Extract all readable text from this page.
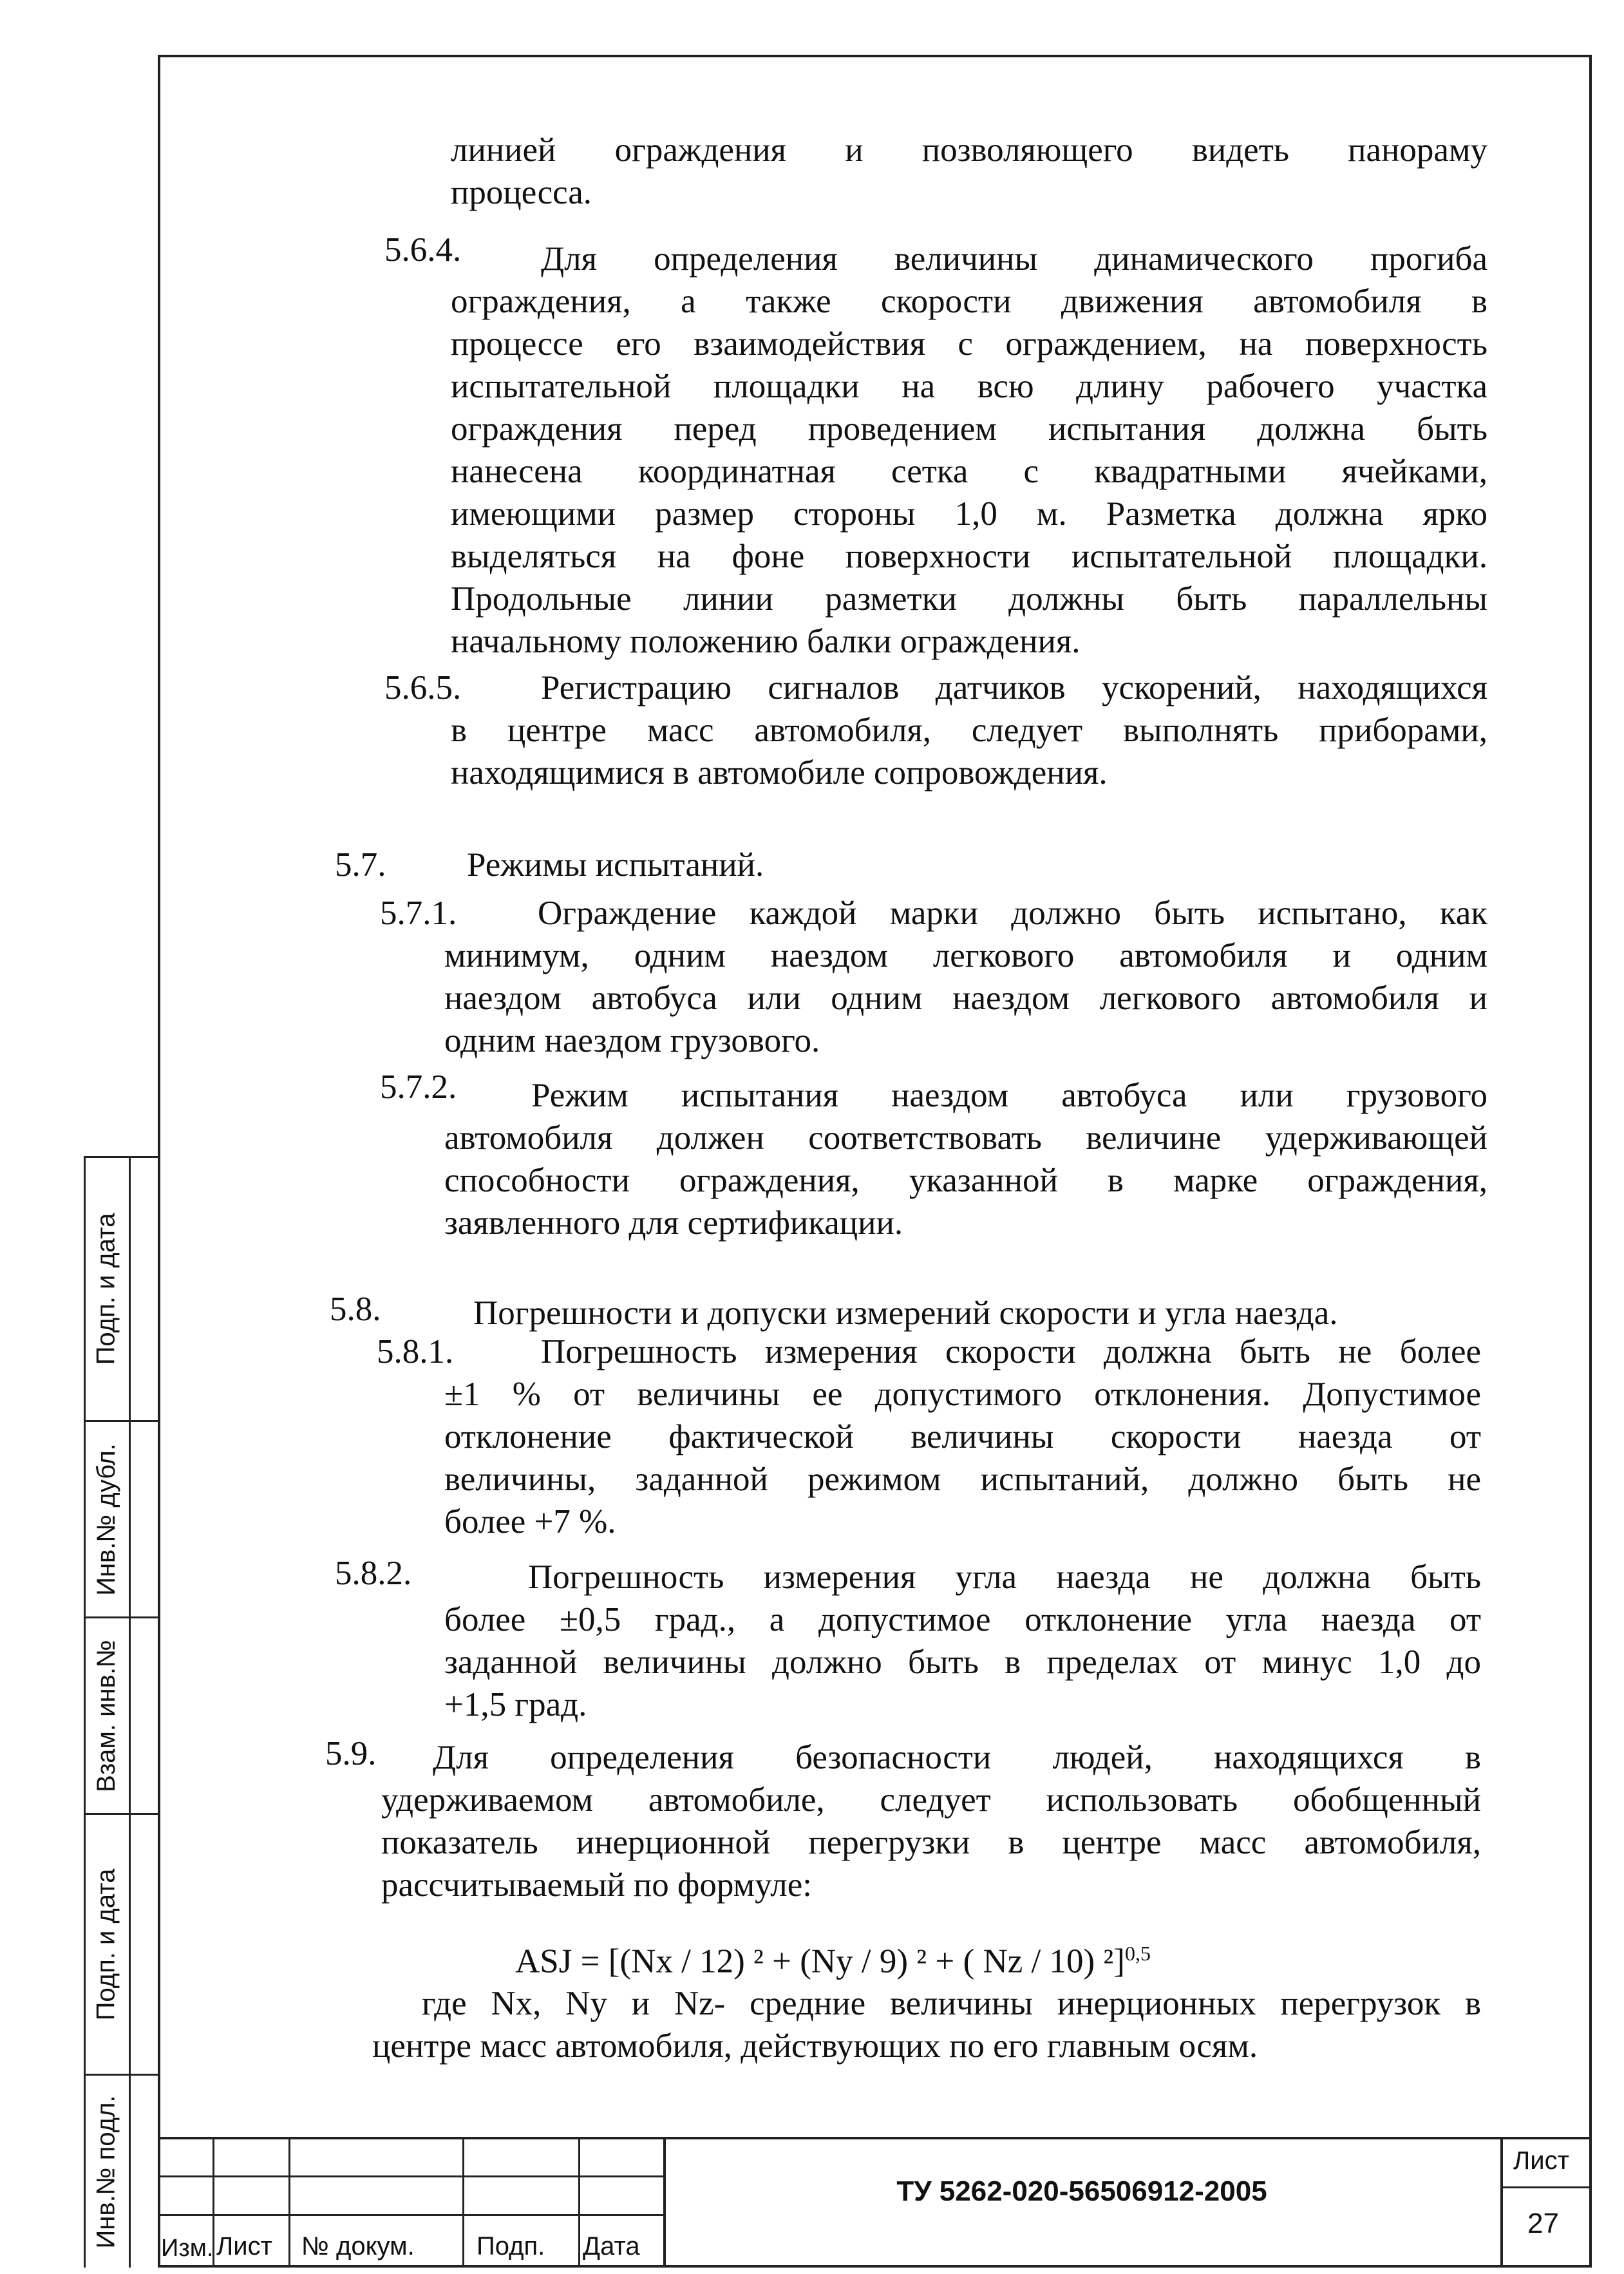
линией ограждения и позволяющего видеть панораму
процесса.
5.6.4. Для определения величины динамического прогиба
ограждения, а также скорости движения автомобиля в
процессе его взаимодействия с ограждением, на поверхность
испытательной площадки на всю длину рабочего участка
ограждения перед проведением испытания должна быть
нанесена координатная сетка с квадратными ячейками,
имеющими размер стороны 1,0 м. Разметка должна ярко
выделяться на фоне поверхности испытательной площадки.
Продольные линии разметки должны быть параллельны
начальному положению балки ограждения.
5.6.5. Регистрацию сигналов датчиков ускорений, находящихся
в центре масс автомобиля, следует выполнять приборами,
находящимися в автомобиле сопровождения.
5.7. Режимы испытаний.
5.7.1. Ограждение каждой марки должно быть испытано, как
минимум, одним наездом легкового автомобиля и одним
наездом автобуса или одним наездом легкового автомобиля и
одним наездом грузового.
5.7.2. Режим испытания наездом автобуса или грузового
автомобиля должен соответствовать величине удерживающей
способности ограждения, указанной в марке ограждения,
заявленного для сертификации.
5.8.	Погрешности и допуски измерений скорости и угла наезда.
5.8.1.	Погрешность измерения скорости должна быть не более
±1 % от величины ее допустимого отклонения. Допустимое
отклонение фактической величины скорости наезда от
величины, заданной режимом испытаний, должно быть не
более +7 %.
5.8.2.	Погрешность измерения угла наезда не должна быть
более ±0,5 град., а допустимое отклонение угла наезда от
заданной величины должно быть в пределах от минус 1,0 до
+1,5 град.
5.9. Для определения безопасности людей, находящихся в
удерживаемом автомобиле, следует использовать обобщенный
показатель инерционной перегрузки в центре масс автомобиля,
рассчитываемый по формуле:
ASJ = [(Nx / 12) ² + (Ny / 9) ² + ( Nz / 10) ²]$^{0,5}$
где Nx, Ny и Nz- средние величины инерционных перегрузок в
центре масс автомобиля, действующих по его главным осям.
Подп. и дата
Инв.№ дубл.
Взам. инв.№
Подп. и дата
Инв.№ подл. Изм. Лист № докум. Подп. Дата
ТУ 5262-020-56506912-2005
Лист
27
